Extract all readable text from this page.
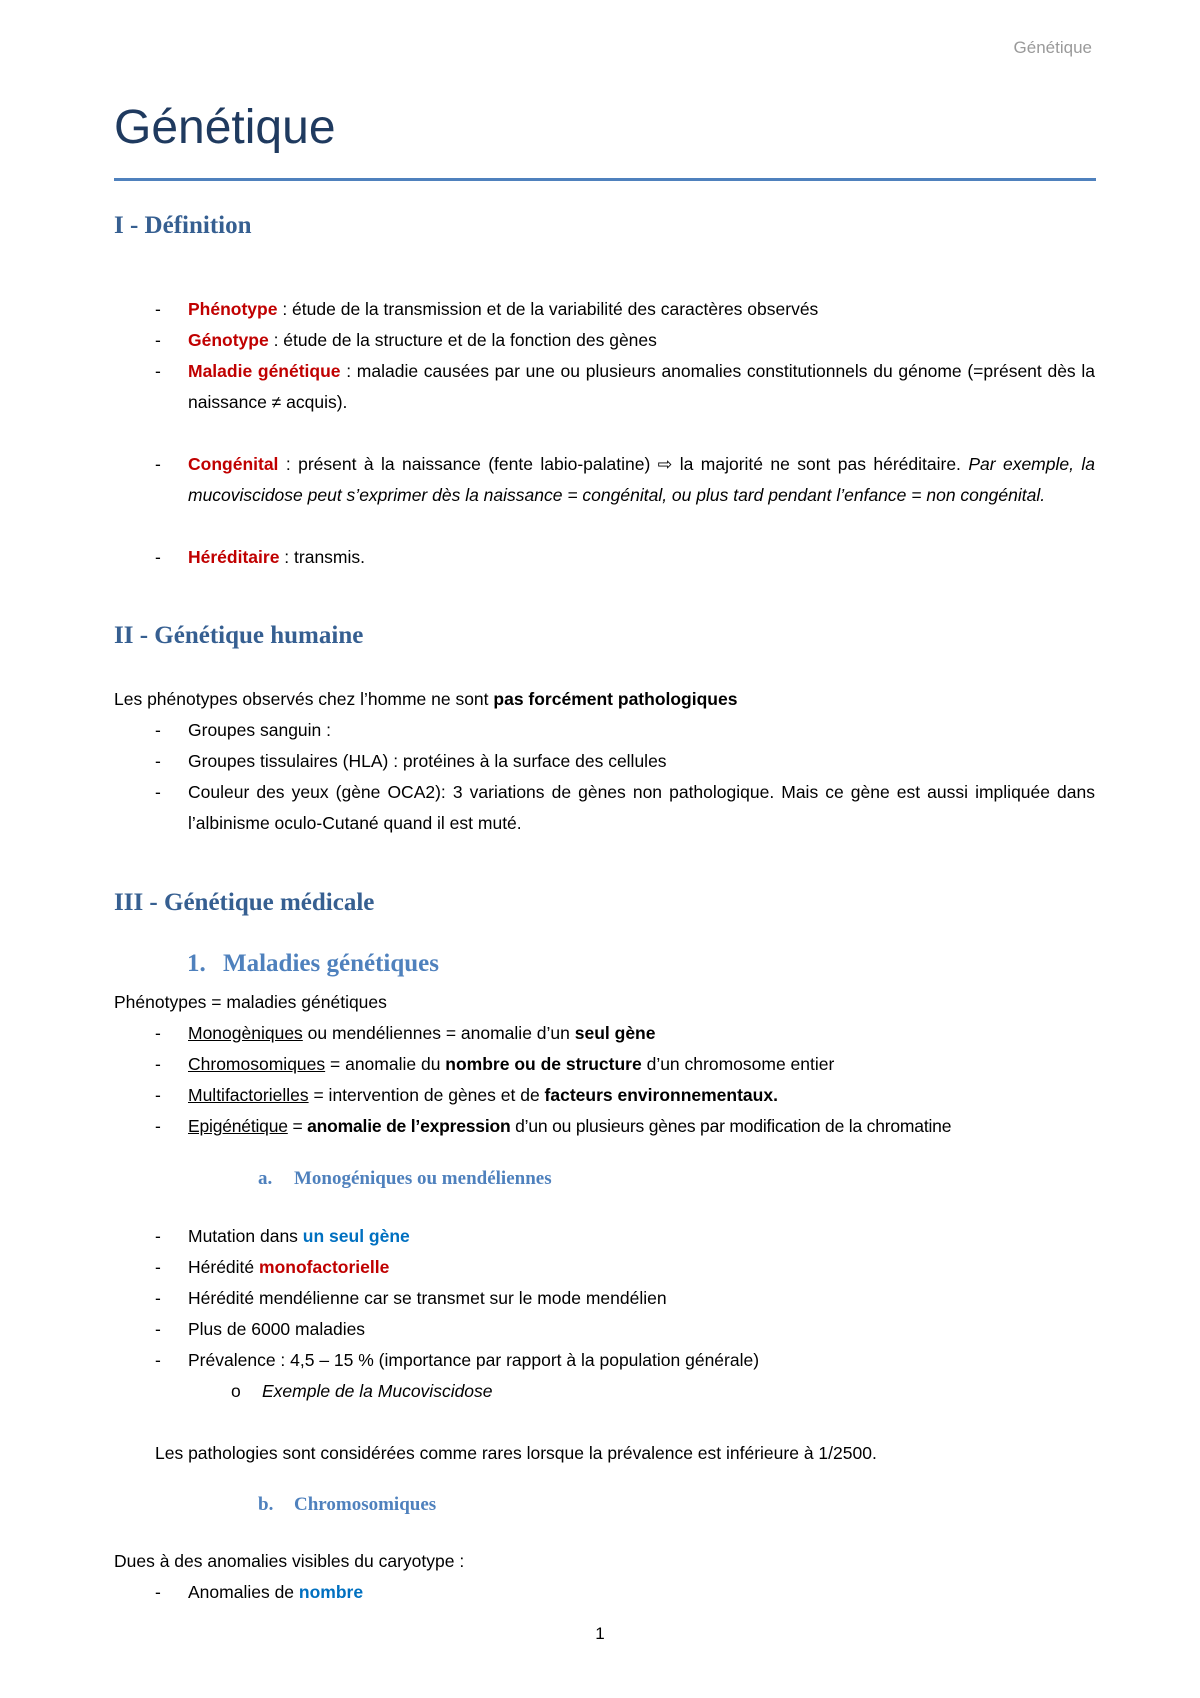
Génétique
Génétique
I - Définition
- Phénotype : étude de la transmission et de la variabilité des caractères observés
- Génotype : étude de la structure et de la fonction des gènes
- Maladie génétique : maladie causées par une ou plusieurs anomalies constitutionnels du génome (=présent dès la naissance ≠ acquis).
- Congénital : présent à la naissance (fente labio-palatine) ⇨ la majorité ne sont pas héréditaire. Par exemple, la mucoviscidose peut s’exprimer dès la naissance = congénital, ou plus tard pendant l’enfance = non congénital.
- Héréditaire : transmis.
II - Génétique humaine
Les phénotypes observés chez l’homme ne sont pas forcément pathologiques
- Groupes sanguin :
- Groupes tissulaires (HLA) : protéines à la surface des cellules
- Couleur des yeux (gène OCA2): 3 variations de gènes non pathologique. Mais ce gène est aussi impliquée dans l’albinisme oculo-Cutané quand il est muté.
III - Génétique médicale
1. Maladies génétiques
Phénotypes = maladies génétiques
- Monogèniques ou mendéliennes = anomalie d’un seul gène
- Chromosomiques = anomalie du nombre ou de structure d’un chromosome entier
- Multifactorielles = intervention de gènes et de facteurs environnementaux.
- Epigénétique = anomalie de l’expression d’un ou plusieurs gènes par modification de la chromatine
a. Monogéniques ou mendéliennes
- Mutation dans un seul gène
- Hérédité monofactorielle
- Hérédité mendélienne car se transmet sur le mode mendélien
- Plus de 6000 maladies
- Prévalence : 4,5 – 15 % (importance par rapport à la population générale)
o Exemple de la Mucoviscidose
Les pathologies sont considérées comme rares lorsque la prévalence est inférieure à 1/2500.
b. Chromosomiques
Dues à des anomalies visibles du caryotype :
- Anomalies de nombre
1
